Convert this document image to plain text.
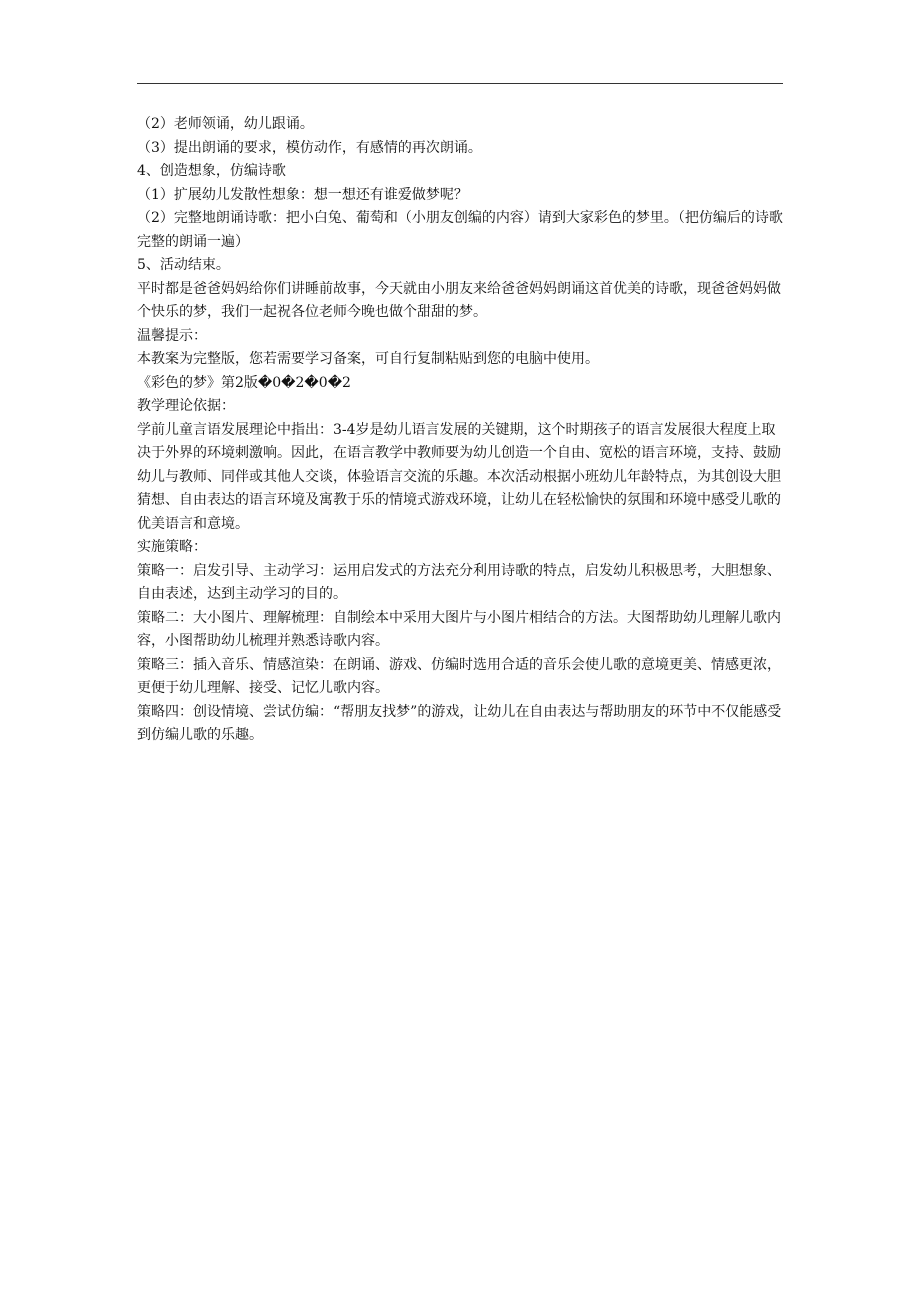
（2）老师领诵，幼儿跟诵。

（3）提出朗诵的要求，模仿动作，有感情的再次朗诵。

4、创造想象，仿编诗歌

（1）扩展幼儿发散性想象：想一想还有谁爱做梦呢？

（2）完整地朗诵诗歌：把小白兔、葡萄和（小朋友创编的内容）请到大家彩色的梦里。（把仿编后的诗歌完整的朗诵一遍）

5、活动结束。

平时都是爸爸妈妈给你们讲睡前故事，今天就由小朋友来给爸爸妈妈朗诵这首优美的诗歌，现爸爸妈妈做个快乐的梦，我们一起祝各位老师今晚也做个甜甜的梦。

温馨提示：

本教案为完整版，您若需要学习备案，可自行复制粘贴到您的电脑中使用。

《彩色的梦》第2版�0�2�0�2

教学理论依据：

学前儿童言语发展理论中指出：3-4岁是幼儿语言发展的关键期，这个时期孩子的语言发展很大程度上取决于外界的环境刺激响。因此，在语言教学中教师要为幼儿创造一个自由、宽松的语言环境，支持、鼓励幼儿与教师、同伴或其他人交谈，体验语言交流的乐趣。本次活动根据小班幼儿年龄特点，为其创设大胆猜想、自由表达的语言环境及寓教于乐的情境式游戏环境，让幼儿在轻松愉快的氛围和环境中感受儿歌的优美语言和意境。

实施策略：

策略一：启发引导、主动学习：运用启发式的方法充分利用诗歌的特点，启发幼儿积极思考，大胆想象、自由表述，达到主动学习的目的。

策略二：大小图片、理解梳理：自制绘本中采用大图片与小图片相结合的方法。大图帮助幼儿理解儿歌内容，小图帮助幼儿梳理并熟悉诗歌内容。

策略三：插入音乐、情感渲染：在朗诵、游戏、仿编时选用合适的音乐会使儿歌的意境更美、情感更浓，更便于幼儿理解、接受、记忆儿歌内容。

策略四：创设情境、尝试仿编：“帮朋友找梦”的游戏，让幼儿在自由表达与帮助朋友的环节中不仅能感受到仿编儿歌的乐趣。
